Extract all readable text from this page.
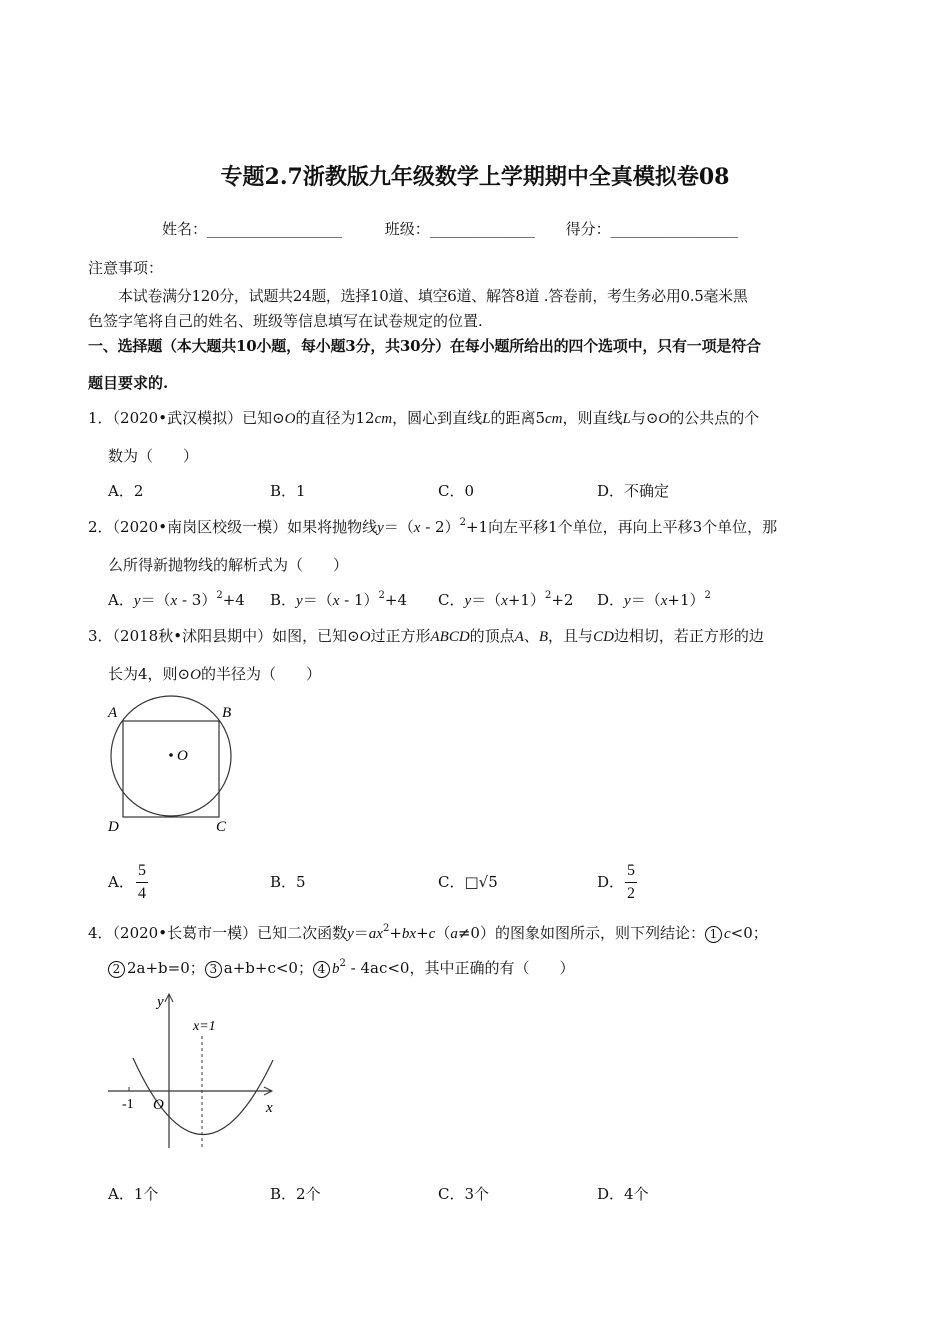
专题2.7浙教版九年级数学上学期期中全真模拟卷08
姓名：__________________	班级：______________ 得分：_________________
注意事项：
本试卷满分120分，试题共24题，选择10道、填空6道、解答8道 .答卷前，考生务必用0.5毫米黑
色签字笔将自己的姓名、班级等信息填写在试卷规定的位置.
一、选择题（本大题共10小题，每小题3分，共30分）在每小题所给出的四个选项中，只有一项是符合
题目要求的.
1．（2020•武汉模拟）已知⊙O的直径为12cm，圆心到直线L的距离5cm，则直线L与⊙O的公共点的个
数为（　　）
A．2	B．1	C．0	D．不确定
2．（2020•南岗区校级一模）如果将抛物线y＝（x - 2）$^2$+1向左平移1个单位，再向上平移3个单位，那
么所得新抛物线的解析式为（　　）
A．y＝（x - 3）$^2$+4 B．y＝（x - 1）$^2$+4 C．$y=(x+1)^2+2$ D．$y=(x+1)^2$
3．（2018秋•沭阳县期中）如图，已知⊙O过正方形ABCD的顶点A、B，且与CD边相切，若正方形的边
长为4，则⊙O的半径为（　　）
A	B
D	C
O
A．
5
4
B．5	C．□√5	D．
5
2
4．（2020•长葛市一模）已知二次函数$y=ax^2+bx+c(a\ne 0)$的图象如图所示，则下列结论： 1 c<0；
2 2a+b=0； 3 a+b+c<0； 4 $b^2 - 4ac<0$，其中正确的有（　　）
y
x
x=1
-1 O
A．1个	B．2个	C．3个	D．4个
